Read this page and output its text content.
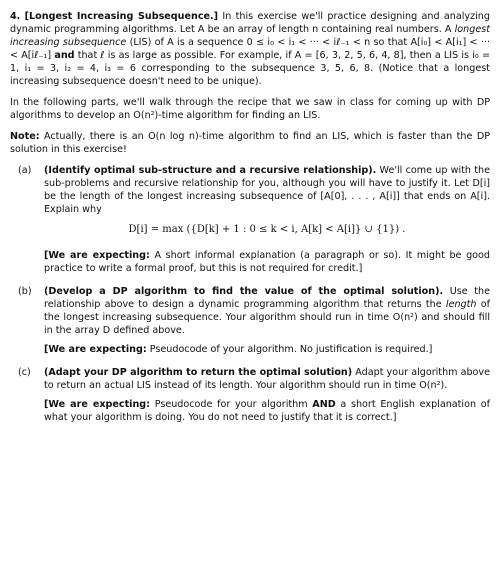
4. [Longest Increasing Subsequence.] In this exercise we'll practice designing and analyzing dynamic programming algorithms. Let A be an array of length n containing real numbers. A longest increasing subsequence (LIS) of A is a sequence 0 ≤ i₀ < i₁ < ··· < iℓ₋₁ < n so that A[i₀] < A[i₁] < ··· < A[iℓ₋₁] and that ℓ is as large as possible. For example, if A = [6, 3, 2, 5, 6, 4, 8], then a LIS is i₀ = 1, i₁ = 3, i₂ = 4, i₃ = 6 corresponding to the subsequence 3, 5, 6, 8. (Notice that a longest increasing subsequence doesn't need to be unique).

In the following parts, we'll walk through the recipe that we saw in class for coming up with DP algorithms to develop an O(n²)-time algorithm for finding an LIS.

Note: Actually, there is an O(n log n)-time algorithm to find an LIS, which is faster than the DP solution in this exercise!

(a)	(Identify optimal sub-structure and a recursive relationship). We'll come up with the sub-problems and recursive relationship for you, although you will have to justify it. Let D[i] be the length of the longest increasing subsequence of [A[0], . . . , A[i]] that ends on A[i]. Explain why

D[i] = max ({D[k] + 1 : 0 ≤ k < i, A[k] < A[i]} ∪ {1}) .

[We are expecting: A short informal explanation (a paragraph or so). It might be good practice to write a formal proof, but this is not required for credit.]

(b)	(Develop a DP algorithm to find the value of the optimal solution). Use the relationship above to design a dynamic programming algorithm that returns the length of the longest increasing subsequence. Your algorithm should run in time O(n²) and should fill in the array D defined above.

[We are expecting: Pseudocode of your algorithm. No justification is required.]

(c)	(Adapt your DP algorithm to return the optimal solution) Adapt your algorithm above to return an actual LIS instead of its length. Your algorithm should run in time O(n²).

[We are expecting: Pseudocode for your algorithm AND a short English explanation of what your algorithm is doing. You do not need to justify that it is correct.]
